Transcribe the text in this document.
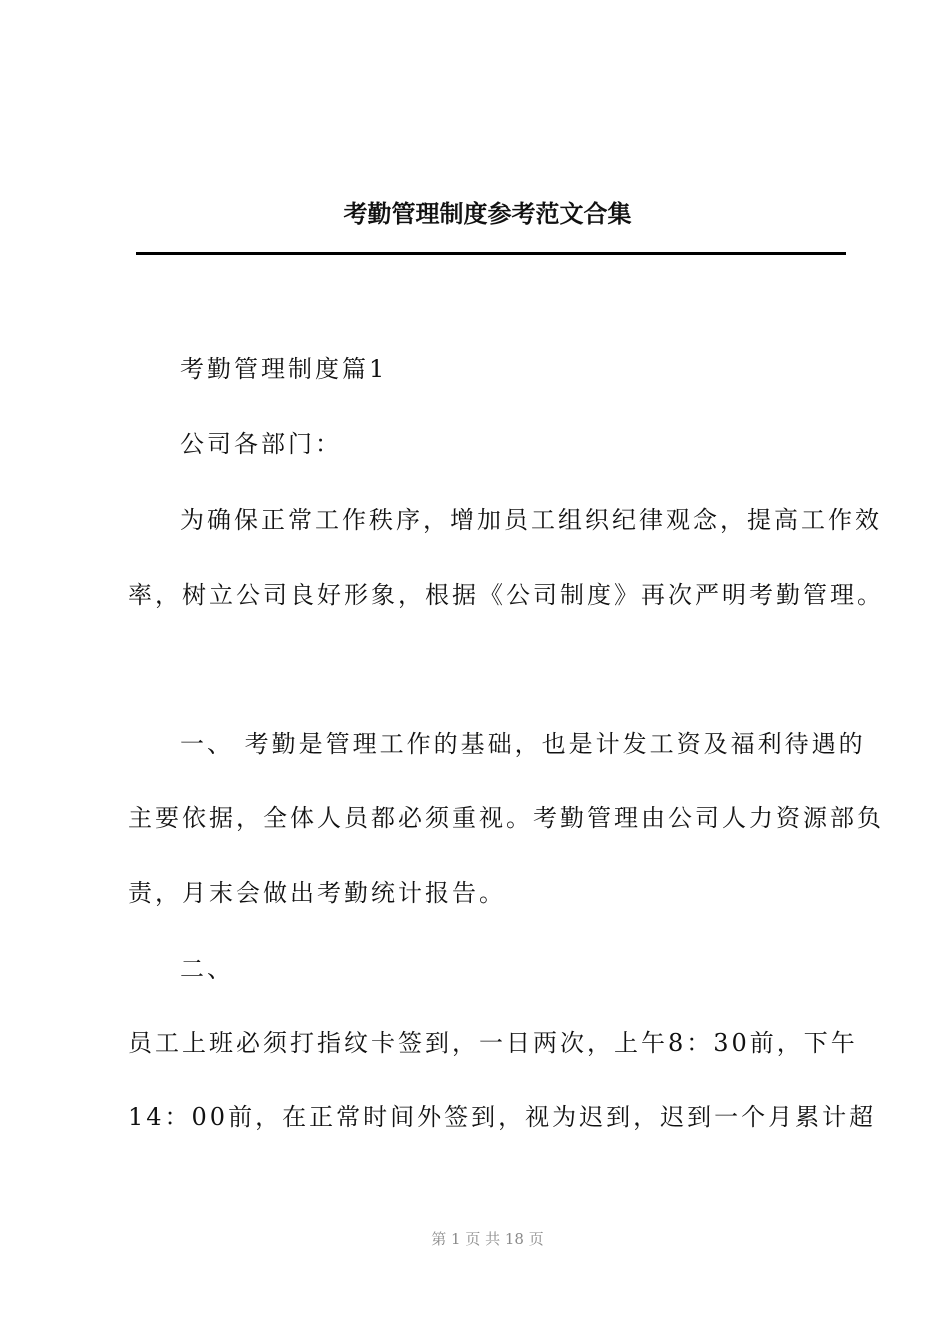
考勤管理制度参考范文合集
考勤管理制度篇1
公司各部门：
为确保正常工作秩序，增加员工组织纪律观念，提高工作效
率，树立公司良好形象，根据《公司制度》再次严明考勤管理。
一、 考勤是管理工作的基础，也是计发工资及福利待遇的
主要依据，全体人员都必须重视。考勤管理由公司人力资源部负
责，月末会做出考勤统计报告。
二、
员工上班必须打指纹卡签到，一日两次，上午8：30前，下午
14：00前，在正常时间外签到，视为迟到，迟到一个月累计超
第 1 页 共 18 页
